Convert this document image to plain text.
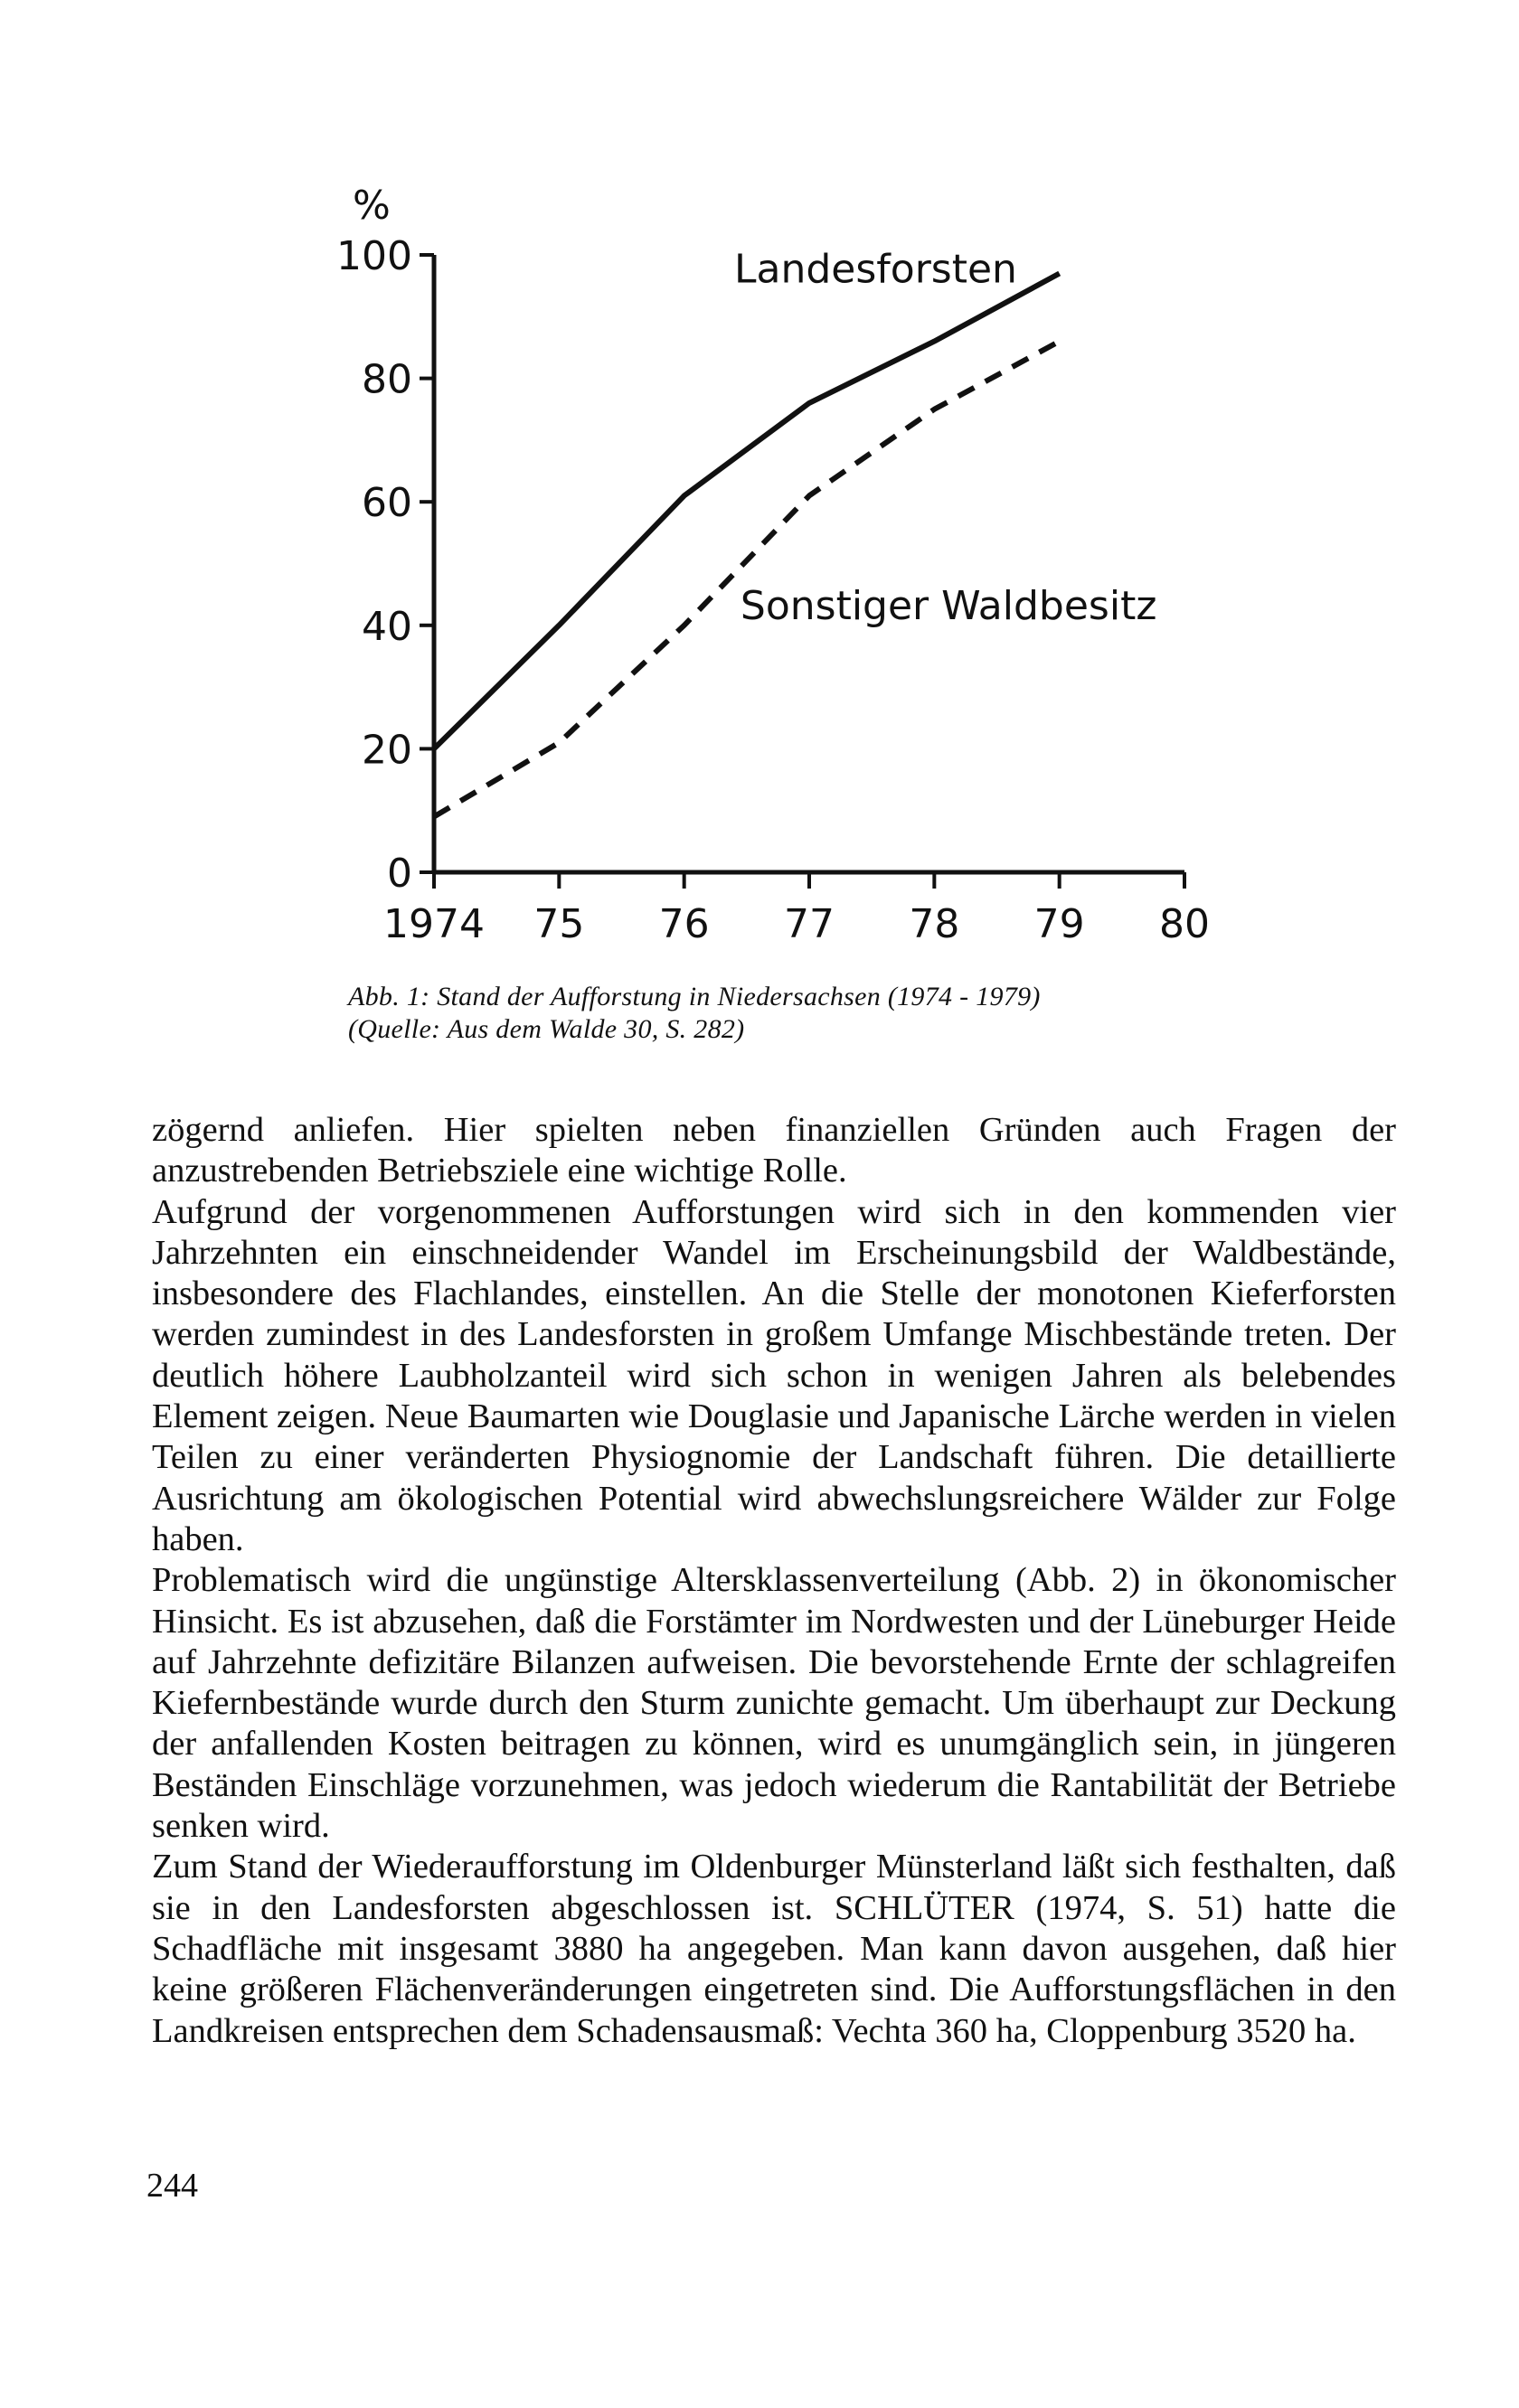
%
0
20
40
60
80
100
1974 75 76 77 78 79 80
Landesforsten
Sonstiger Waldbesitz
Abb. 1: Stand der Aufforstung in Niedersachsen (1974 - 1979)
(Quelle: Aus dem Walde 30, S. 282)

zögernd anliefen. Hier spielten neben finanziellen Gründen auch Fragen der anzustrebenden Betriebsziele eine wichtige Rolle.

Aufgrund der vorgenommenen Aufforstungen wird sich in den kommenden vier Jahrzehnten ein einschneidender Wandel im Erscheinungsbild der Waldbestände, insbesondere des Flachlandes, einstellen. An die Stelle der monotonen Kieferforsten werden zumindest in des Landesforsten in großem Umfange Mischbestände treten. Der deutlich höhere Laubholzanteil wird sich schon in wenigen Jahren als belebendes Element zeigen. Neue Baumarten wie Douglasie und Japanische Lärche werden in vielen Teilen zu einer veränderten Physiognomie der Landschaft führen. Die detaillierte Ausrichtung am ökologischen Potential wird abwechslungsreichere Wälder zur Folge haben.

Problematisch wird die ungünstige Altersklassenverteilung (Abb. 2) in ökonomischer Hinsicht. Es ist abzusehen, daß die Forstämter im Nordwesten und der Lüneburger Heide auf Jahrzehnte defizitäre Bilanzen aufweisen. Die bevorstehende Ernte der schlagreifen Kiefernbestände wurde durch den Sturm zunichte gemacht. Um überhaupt zur Deckung der anfallenden Kosten beitragen zu können, wird es unumgänglich sein, in jüngeren Beständen Einschläge vorzunehmen, was jedoch wiederum die Rantabilität der Betriebe senken wird.

Zum Stand der Wiederaufforstung im Oldenburger Münsterland läßt sich festhalten, daß sie in den Landesforsten abgeschlossen ist. SCHLÜTER (1974, S. 51) hatte die Schadfläche mit insgesamt 3880 ha angegeben. Man kann davon ausgehen, daß hier keine größeren Flächenveränderungen eingetreten sind. Die Aufforstungsflächen in den Landkreisen entsprechen dem Schadensausmaß: Vechta 360 ha, Cloppenburg 3520 ha.

244
